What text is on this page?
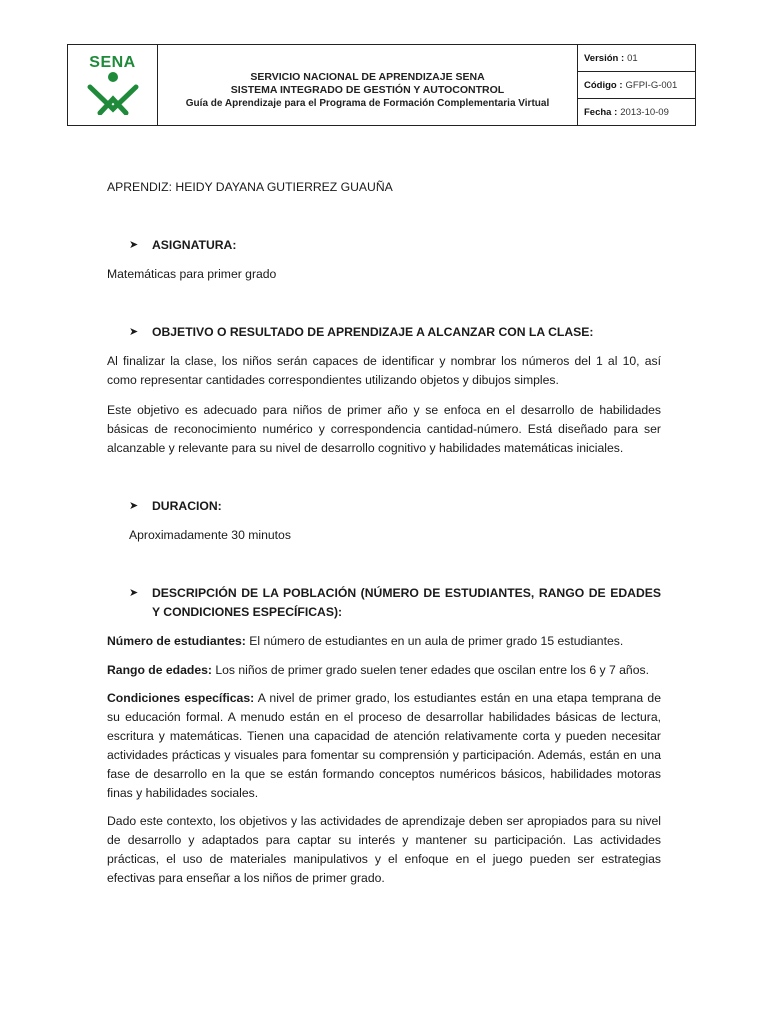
SENA
SERVICIO NACIONAL DE APRENDIZAJE SENA
SISTEMA INTEGRADO DE GESTIÓN Y AUTOCONTROL
Guía de Aprendizaje para el Programa de Formación Complementaria Virtual
Versión : 01
Código : GFPI-G-001
Fecha : 2013-10-09
APRENDIZ: HEIDY DAYANA GUTIERREZ GUAUÑA
➤	ASIGNATURA:
Matemáticas para primer grado
➤	OBJETIVO O RESULTADO DE APRENDIZAJE A ALCANZAR CON LA CLASE:
Al finalizar la clase, los niños serán capaces de identificar y nombrar los números del 1 al 10, así como representar cantidades correspondientes utilizando objetos y dibujos simples.
Este objetivo es adecuado para niños de primer año y se enfoca en el desarrollo de habilidades básicas de reconocimiento numérico y correspondencia cantidad-número. Está diseñado para ser alcanzable y relevante para su nivel de desarrollo cognitivo y habilidades matemáticas iniciales.
➤	DURACION:
Aproximadamente 30 minutos
➤	DESCRIPCIÓN DE LA POBLACIÓN (NÚMERO DE ESTUDIANTES, RANGO DE EDADES Y CONDICIONES ESPECÍFICAS):
Número de estudiantes: El número de estudiantes en un aula de primer grado 15 estudiantes.
Rango de edades: Los niños de primer grado suelen tener edades que oscilan entre los 6 y 7 años.
Condiciones específicas: A nivel de primer grado, los estudiantes están en una etapa temprana de su educación formal. A menudo están en el proceso de desarrollar habilidades básicas de lectura, escritura y matemáticas. Tienen una capacidad de atención relativamente corta y pueden necesitar actividades prácticas y visuales para fomentar su comprensión y participación. Además, están en una fase de desarrollo en la que se están formando conceptos numéricos básicos, habilidades motoras finas y habilidades sociales.
Dado este contexto, los objetivos y las actividades de aprendizaje deben ser apropiados para su nivel de desarrollo y adaptados para captar su interés y mantener su participación. Las actividades prácticas, el uso de materiales manipulativos y el enfoque en el juego pueden ser estrategias efectivas para enseñar a los niños de primer grado.
